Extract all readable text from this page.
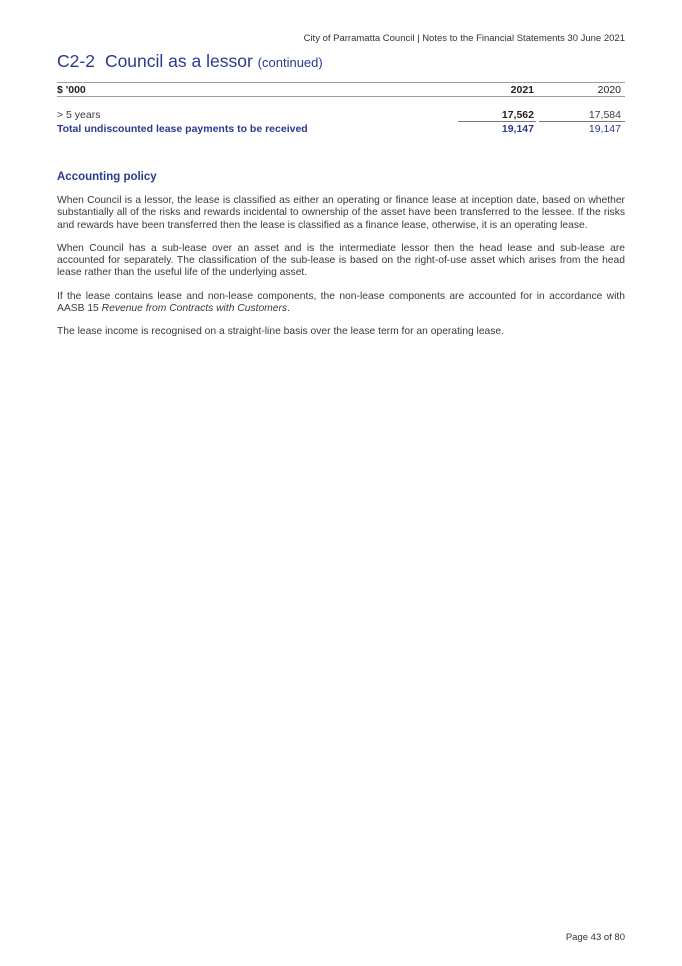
City of Parramatta Council | Notes to the Financial Statements 30 June 2021
C2-2 Council as a lessor (continued)
$ '000	2021	2020
> 5 years	17,562	17,584
Total undiscounted lease payments to be received	19,147	19,147
Accounting policy

When Council is a lessor, the lease is classified as either an operating or finance lease at inception date, based on whether substantially all of the risks and rewards incidental to ownership of the asset have been transferred to the lessee. If the risks and rewards have been transferred then the lease is classified as a finance lease, otherwise, it is an operating lease.

When Council has a sub-lease over an asset and is the intermediate lessor then the head lease and sub-lease are accounted for separately. The classification of the sub-lease is based on the right-of-use asset which arises from the head lease rather than the useful life of the underlying asset.

If the lease contains lease and non-lease components, the non-lease components are accounted for in accordance with AASB 15 Revenue from Contracts with Customers.

The lease income is recognised on a straight-line basis over the lease term for an operating lease.

Page 43 of 80
